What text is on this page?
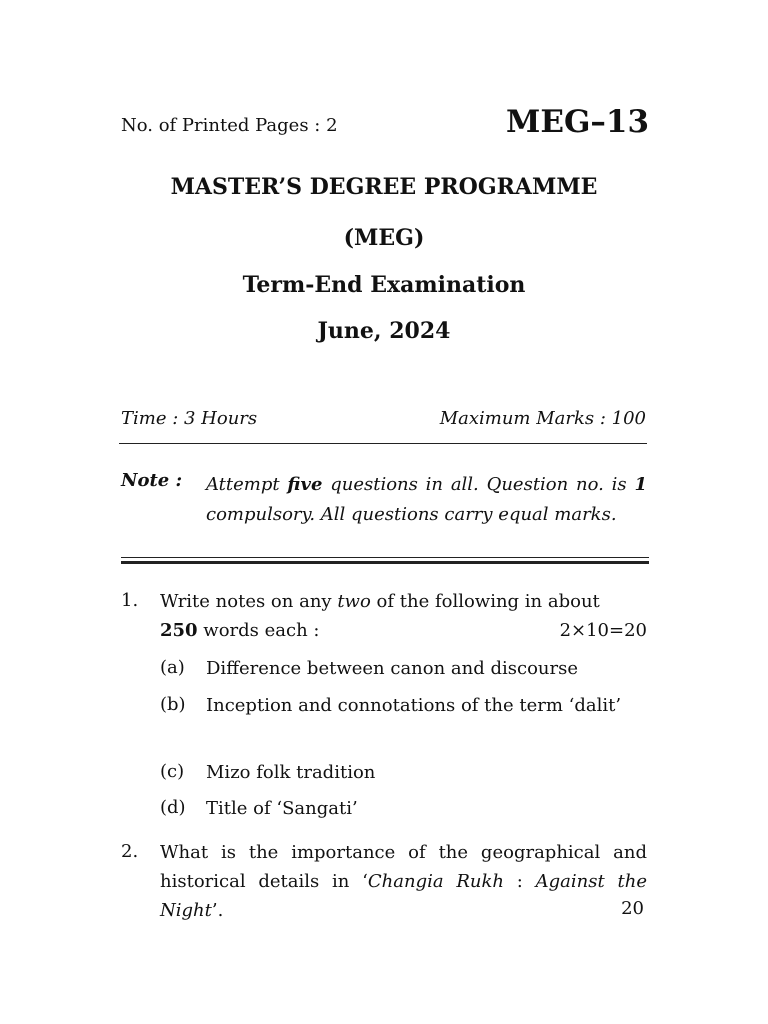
No. of Printed Pages : 2	MEG–13
MASTER’S DEGREE PROGRAMME
(MEG)
Term-End Examination
June, 2024
Time : 3 Hours	Maximum Marks : 100
Note : Attempt five questions in all. Question no. is 1 compulsory. All questions carry equal marks.
1. Write notes on any two of the following in about
250 words each :	2×10=20
(a) Difference between canon and discourse
(b) Inception and connotations of the term ‘dalit’
(c) Mizo folk tradition
(d) Title of ‘Sangati’
2. What is the importance of the geographical and historical details in ‘Changia Rukh : Against the Night’.	20
